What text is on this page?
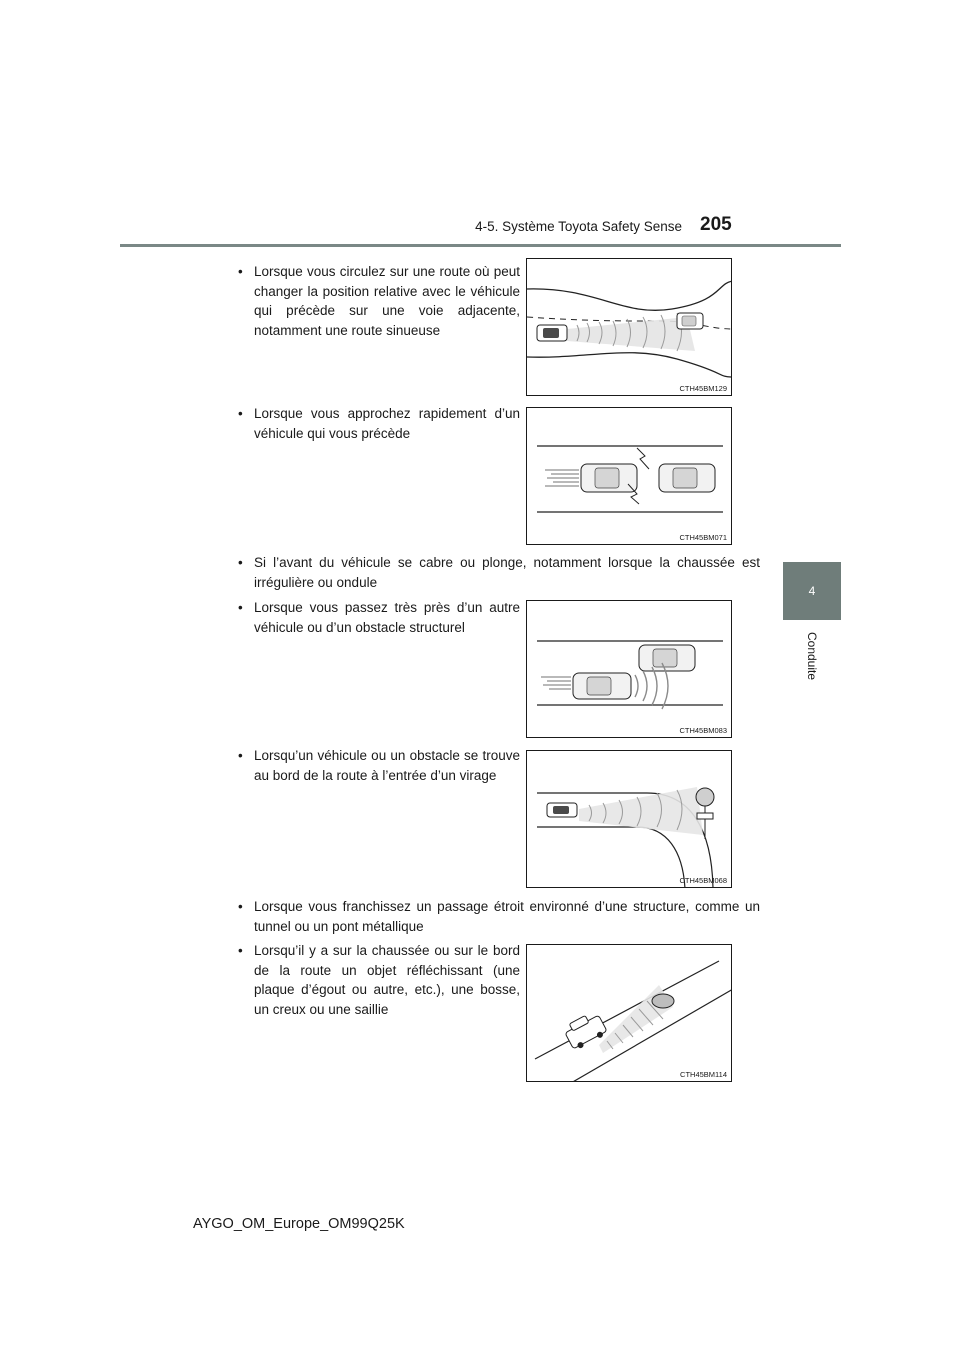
4-5. Système Toyota Safety Sense 205
4
Conduite
• Lorsque vous circulez sur une route où peut changer la position relative avec le véhicule qui précède sur une voie adjacente, notamment une route sinueuse
CTH45BM129
• Lorsque vous approchez rapidement d’un véhicule qui vous précède
CTH45BM071
• Si l’avant du véhicule se cabre ou plonge, notamment lorsque la chaussée est irrégulière ou ondule
• Lorsque vous passez très près d’un autre véhicule ou d’un obstacle structurel
CTH45BM083
• Lorsqu’un véhicule ou un obstacle se trouve au bord de la route à l’entrée d’un virage
CTH45BM068
• Lorsque vous franchissez un passage étroit environné d’une structure, comme un tunnel ou un pont métallique
• Lorsqu’il y a sur la chaussée ou sur le bord de la route un objet réfléchissant (une plaque d’égout ou autre, etc.), une bosse, un creux ou une saillie
CTH45BM114
AYGO_OM_Europe_OM99Q25K
